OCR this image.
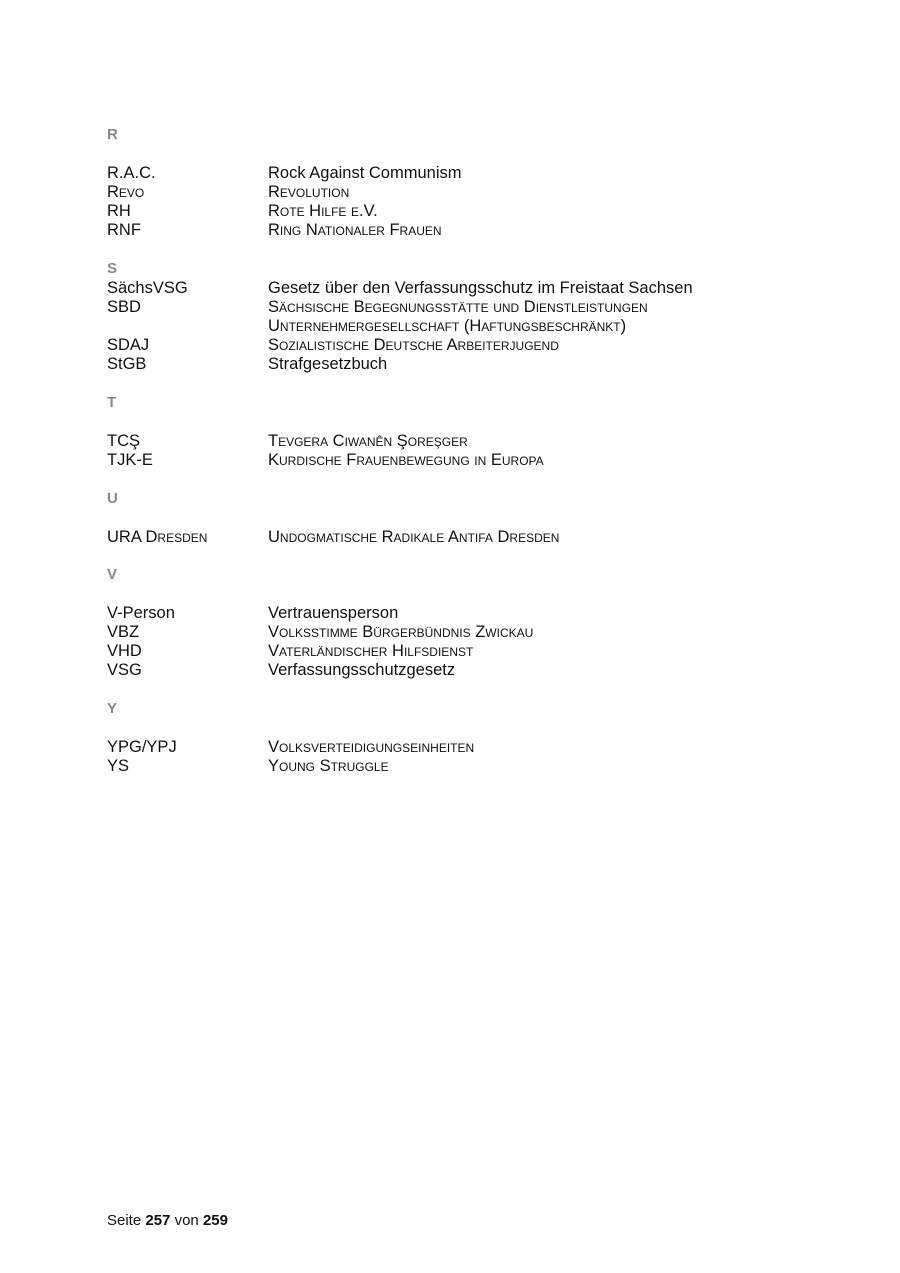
R
R.A.C.	Rock Against Communism
Revo	Revolution
RH	Rote Hilfe e.V.
RNF	Ring Nationaler Frauen
S
SächsVSG	Gesetz über den Verfassungsschutz im Freistaat Sachsen
SBD	Sächsische Begegnungsstätte und Dienstleistungen
Unternehmergesellschaft (Haftungsbeschränkt)
SDAJ	Sozialistische Deutsche Arbeiterjugend
StGB	Strafgesetzbuch
T
TCŞ	Tevgera Ciwanên Şoreşger
TJK-E	Kurdische Frauenbewegung in Europa
U
URA Dresden	Undogmatische Radikale Antifa Dresden
V
V-Person	Vertrauensperson
VBZ	Volksstimme Bürgerbündnis Zwickau
VHD	Vaterländischer Hilfsdienst
VSG	Verfassungsschutzgesetz
Y
YPG/YPJ	Volksverteidigungseinheiten
YS	Young Struggle
Seite 257 von 259
